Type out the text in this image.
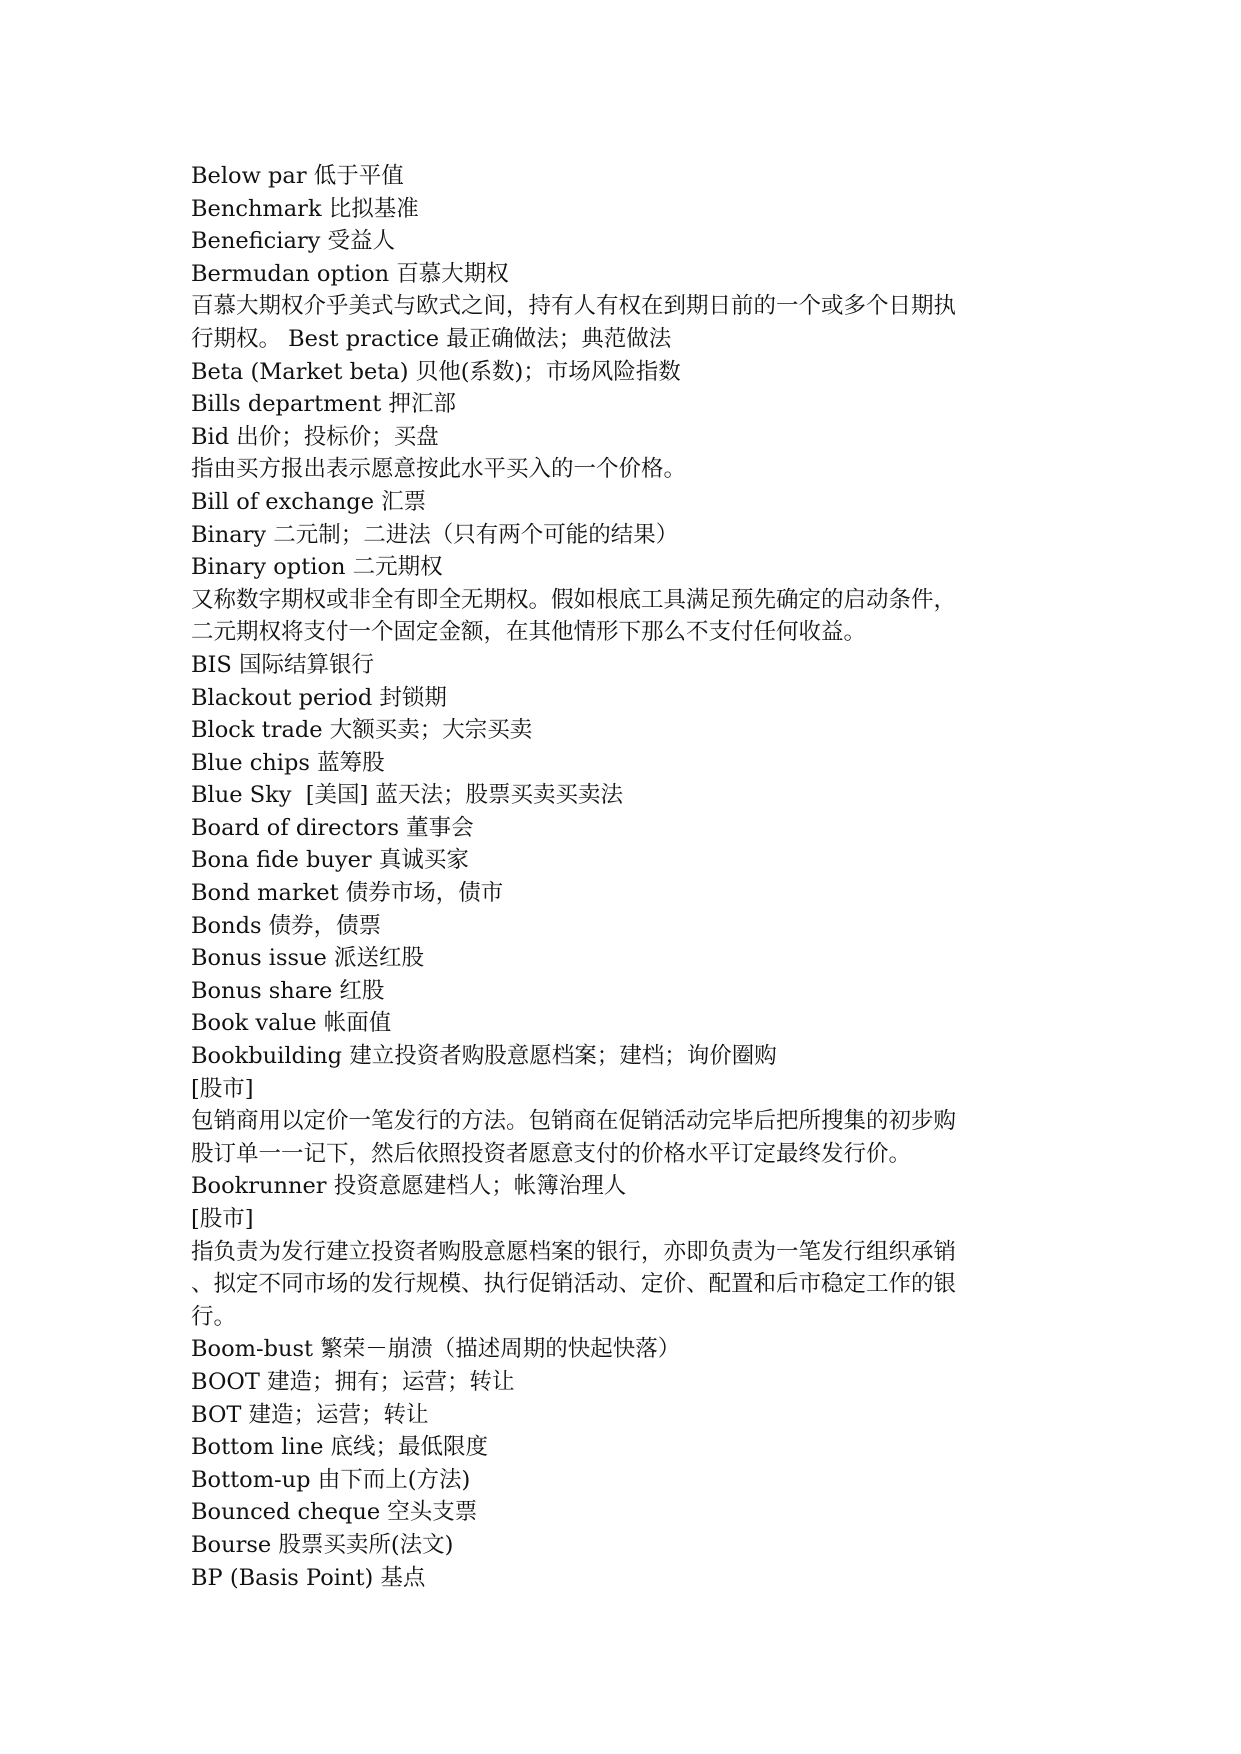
Below par 低于平值
Benchmark 比拟基准
Beneficiary 受益人
Bermudan option 百慕大期权
百慕大期权介乎美式与欧式之间，持有人有权在到期日前的一个或多个日期执
行期权。 Best practice 最正确做法；典范做法
Beta (Market beta) 贝他(系数)；市场风险指数
Bills department 押汇部
Bid 出价；投标价；买盘
指由买方报出表示愿意按此水平买入的一个价格。
Bill of exchange 汇票
Binary 二元制；二进法（只有两个可能的结果）
Binary option 二元期权
又称数字期权或非全有即全无期权。假如根底工具满足预先确定的启动条件，
二元期权将支付一个固定金额，在其他情形下那么不支付任何收益。
BIS 国际结算银行
Blackout period 封锁期
Block trade 大额买卖；大宗买卖
Blue chips 蓝筹股
Blue Sky  [美国] 蓝天法；股票买卖买卖法
Board of directors 董事会
Bona fide buyer 真诚买家
Bond market 债券市场，债市
Bonds 债券，债票
Bonus issue 派送红股
Bonus share 红股
Book value 帐面值
Bookbuilding 建立投资者购股意愿档案；建档；询价圈购
[股市]
包销商用以定价一笔发行的方法。包销商在促销活动完毕后把所搜集的初步购
股订单一一记下，然后依照投资者愿意支付的价格水平订定最终发行价。
Bookrunner 投资意愿建档人；帐簿治理人
[股市]
指负责为发行建立投资者购股意愿档案的银行，亦即负责为一笔发行组织承销
、拟定不同市场的发行规模、执行促销活动、定价、配置和后市稳定工作的银
行。
Boom-bust 繁荣－崩溃（描述周期的快起快落）
BOOT 建造；拥有；运营；转让
BOT 建造；运营；转让
Bottom line 底线；最低限度
Bottom-up 由下而上(方法)
Bounced cheque 空头支票
Bourse 股票买卖所(法文)
BP (Basis Point) 基点
